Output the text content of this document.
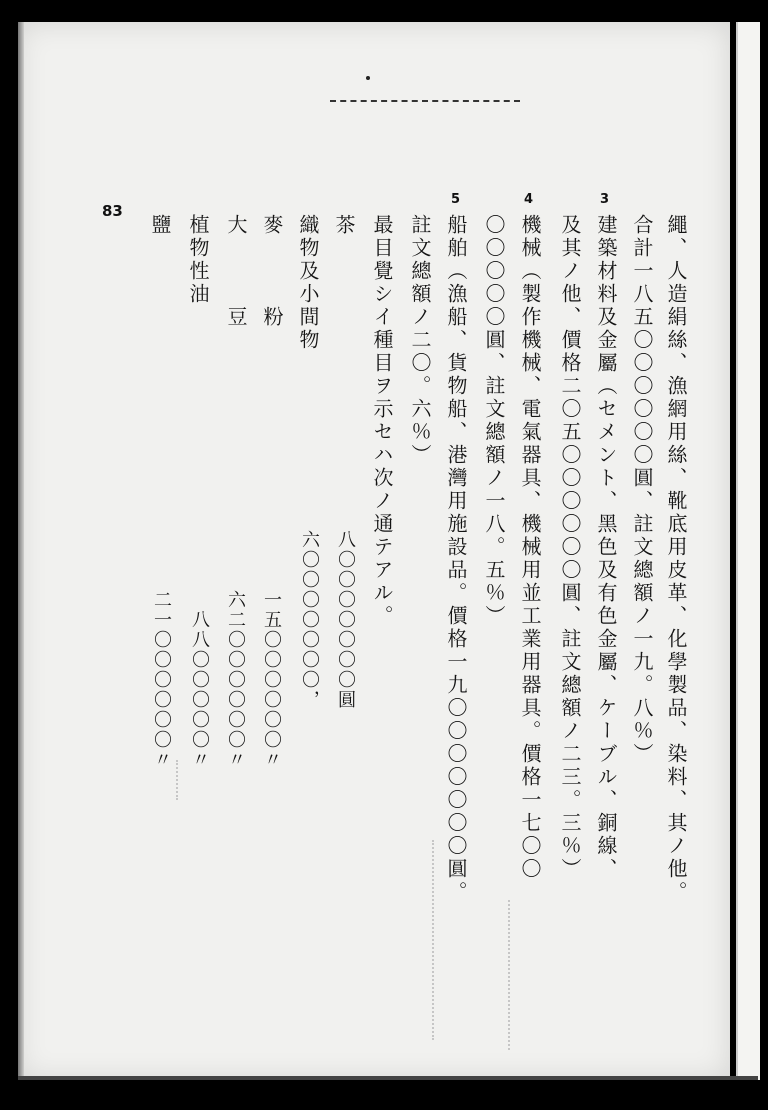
83
3
4
5
繩、人造絹絲、漁網用絲、靴底用皮革、化學製品、染料、其ノ他。
合計一八五〇〇〇〇〇〇圓、註文總額ノ一九。八％）
建築材料及金屬（セメント、黑色及有色金屬、ケーブル、銅線、
及其ノ他、價格二〇五〇〇〇〇〇〇圓、註文總額ノ二三。三％）
機械（製作機械、電氣器具、機械用並工業用器具。價格一七〇〇
〇〇〇〇〇圓、註文總額ノ一八。五％）
船舶（漁船、貨物船、港灣用施設品。價格一九〇〇〇〇〇〇〇圓。
註文總額ノ二〇。六％）
最目覺シイ種目ヲ示セハ次ノ通テアル。
茶
織物及小間物
麥　　　粉
大　　　豆
植物性油
鹽
八〇〇〇〇〇〇〇圓
六〇〇〇〇〇〇〇，
一五〇〇〇〇〇〇〃
六二〇〇〇〇〇〇〃
八八〇〇〇〇〇〃
二一〇〇〇〇〇〇〃
